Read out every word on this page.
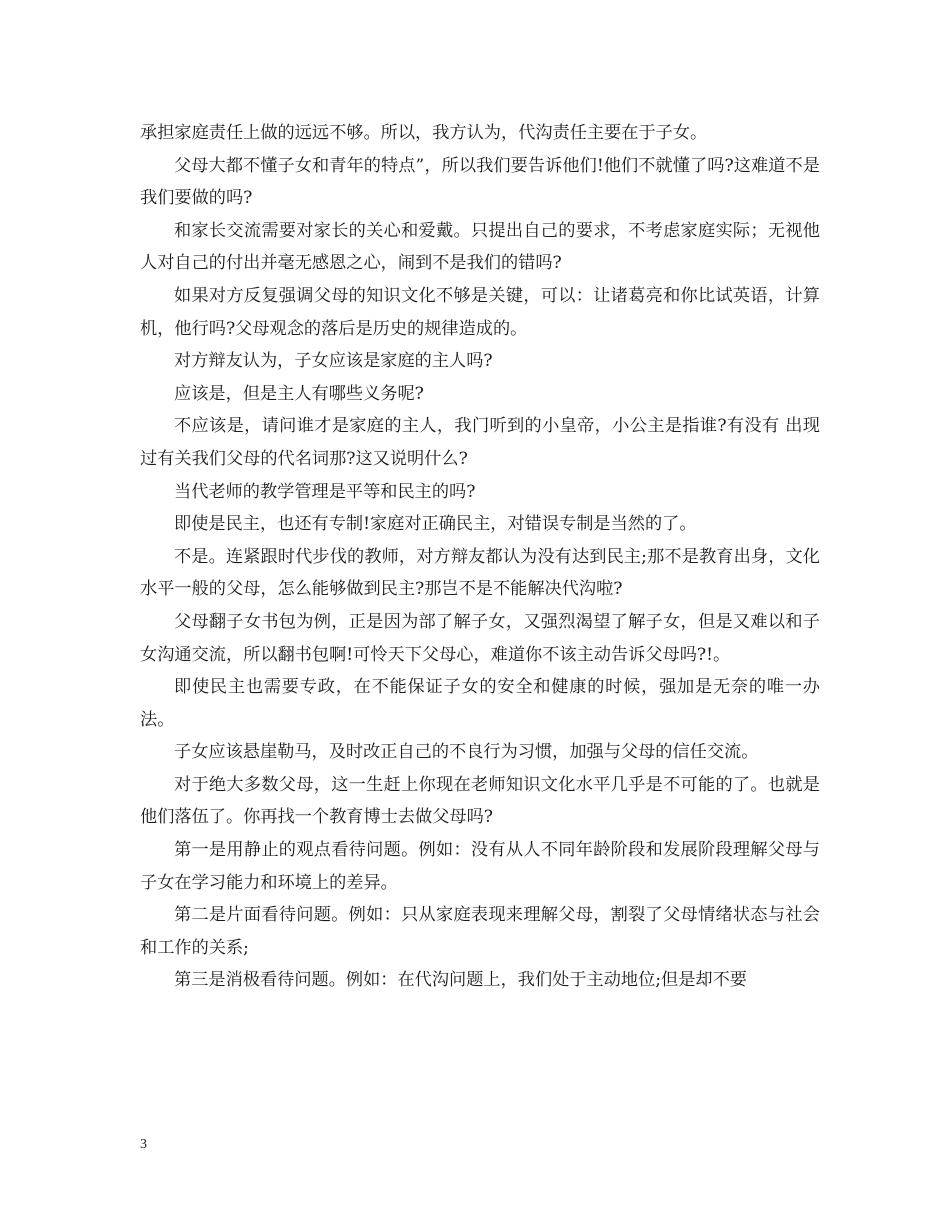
承担家庭责任上做的远远不够。所以，我方认为，代沟责任主要在于子女。

父母大都不懂子女和青年的特点”，所以我们要告诉他们!他们不就懂了吗?这难道不是我们要做的吗?

和家长交流需要对家长的关心和爱戴。只提出自己的要求，不考虑家庭实际；无视他人对自己的付出并毫无感恩之心，闹到不是我们的错吗?

如果对方反复强调父母的知识文化不够是关键，可以：让诸葛亮和你比试英语，计算机，他行吗?父母观念的落后是历史的规律造成的。

对方辩友认为，子女应该是家庭的主人吗?

应该是，但是主人有哪些义务呢?

不应该是，请问谁才是家庭的主人，我门听到的小皇帝，小公主是指谁?有没有 出现过有关我们父母的代名词那?这又说明什么?

当代老师的教学管理是平等和民主的吗?

即使是民主，也还有专制!家庭对正确民主，对错误专制是当然的了。

不是。连紧跟时代步伐的教师，对方辩友都认为没有达到民主;那不是教育出身，文化水平一般的父母，怎么能够做到民主?那岂不是不能解决代沟啦?

父母翻子女书包为例，正是因为部了解子女，又强烈渴望了解子女，但是又难以和子女沟通交流，所以翻书包啊!可怜天下父母心，难道你不该主动告诉父母吗?!。

即使民主也需要专政，在不能保证子女的安全和健康的时候，强加是无奈的唯一办法。

子女应该悬崖勒马，及时改正自己的不良行为习惯，加强与父母的信任交流。

对于绝大多数父母，这一生赶上你现在老师知识文化水平几乎是不可能的了。也就是他们落伍了。你再找一个教育博士去做父母吗?

第一是用静止的观点看待问题。例如：没有从人不同年龄阶段和发展阶段理解父母与子女在学习能力和环境上的差异。

第二是片面看待问题。例如：只从家庭表现来理解父母，割裂了父母情绪状态与社会和工作的关系;

第三是消极看待问题。例如：在代沟问题上，我们处于主动地位;但是却不要

3
